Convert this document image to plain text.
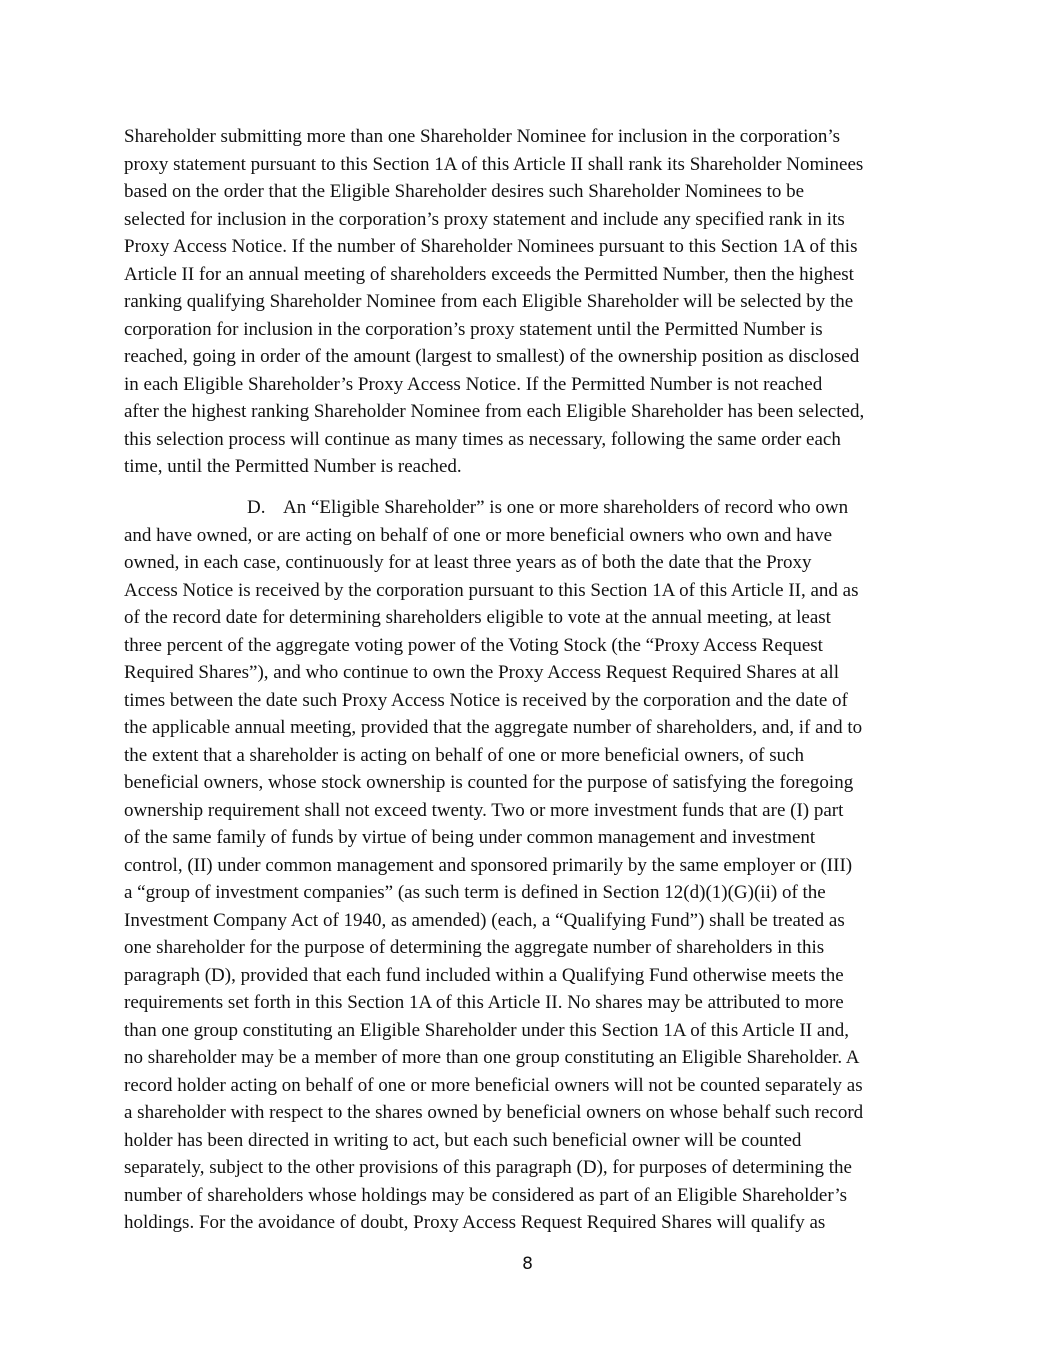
Shareholder submitting more than one Shareholder Nominee for inclusion in the corporation’s
proxy statement pursuant to this Section 1A of this Article II shall rank its Shareholder Nominees
based on the order that the Eligible Shareholder desires such Shareholder Nominees to be
selected for inclusion in the corporation’s proxy statement and include any specified rank in its
Proxy Access Notice. If the number of Shareholder Nominees pursuant to this Section 1A of this
Article II for an annual meeting of shareholders exceeds the Permitted Number, then the highest
ranking qualifying Shareholder Nominee from each Eligible Shareholder will be selected by the
corporation for inclusion in the corporation’s proxy statement until the Permitted Number is
reached, going in order of the amount (largest to smallest) of the ownership position as disclosed
in each Eligible Shareholder’s Proxy Access Notice. If the Permitted Number is not reached
after the highest ranking Shareholder Nominee from each Eligible Shareholder has been selected,
this selection process will continue as many times as necessary, following the same order each
time, until the Permitted Number is reached.
D. An “Eligible Shareholder” is one or more shareholders of record who own
and have owned, or are acting on behalf of one or more beneficial owners who own and have
owned, in each case, continuously for at least three years as of both the date that the Proxy
Access Notice is received by the corporation pursuant to this Section 1A of this Article II, and as
of the record date for determining shareholders eligible to vote at the annual meeting, at least
three percent of the aggregate voting power of the Voting Stock (the “Proxy Access Request
Required Shares”), and who continue to own the Proxy Access Request Required Shares at all
times between the date such Proxy Access Notice is received by the corporation and the date of
the applicable annual meeting, provided that the aggregate number of shareholders, and, if and to
the extent that a shareholder is acting on behalf of one or more beneficial owners, of such
beneficial owners, whose stock ownership is counted for the purpose of satisfying the foregoing
ownership requirement shall not exceed twenty. Two or more investment funds that are (I) part
of the same family of funds by virtue of being under common management and investment
control, (II) under common management and sponsored primarily by the same employer or (III)
a “group of investment companies” (as such term is defined in Section 12(d)(1)(G)(ii) of the
Investment Company Act of 1940, as amended) (each, a “Qualifying Fund”) shall be treated as
one shareholder for the purpose of determining the aggregate number of shareholders in this
paragraph (D), provided that each fund included within a Qualifying Fund otherwise meets the
requirements set forth in this Section 1A of this Article II. No shares may be attributed to more
than one group constituting an Eligible Shareholder under this Section 1A of this Article II and,
no shareholder may be a member of more than one group constituting an Eligible Shareholder. A
record holder acting on behalf of one or more beneficial owners will not be counted separately as
a shareholder with respect to the shares owned by beneficial owners on whose behalf such record
holder has been directed in writing to act, but each such beneficial owner will be counted
separately, subject to the other provisions of this paragraph (D), for purposes of determining the
number of shareholders whose holdings may be considered as part of an Eligible Shareholder’s
holdings. For the avoidance of doubt, Proxy Access Request Required Shares will qualify as
8
